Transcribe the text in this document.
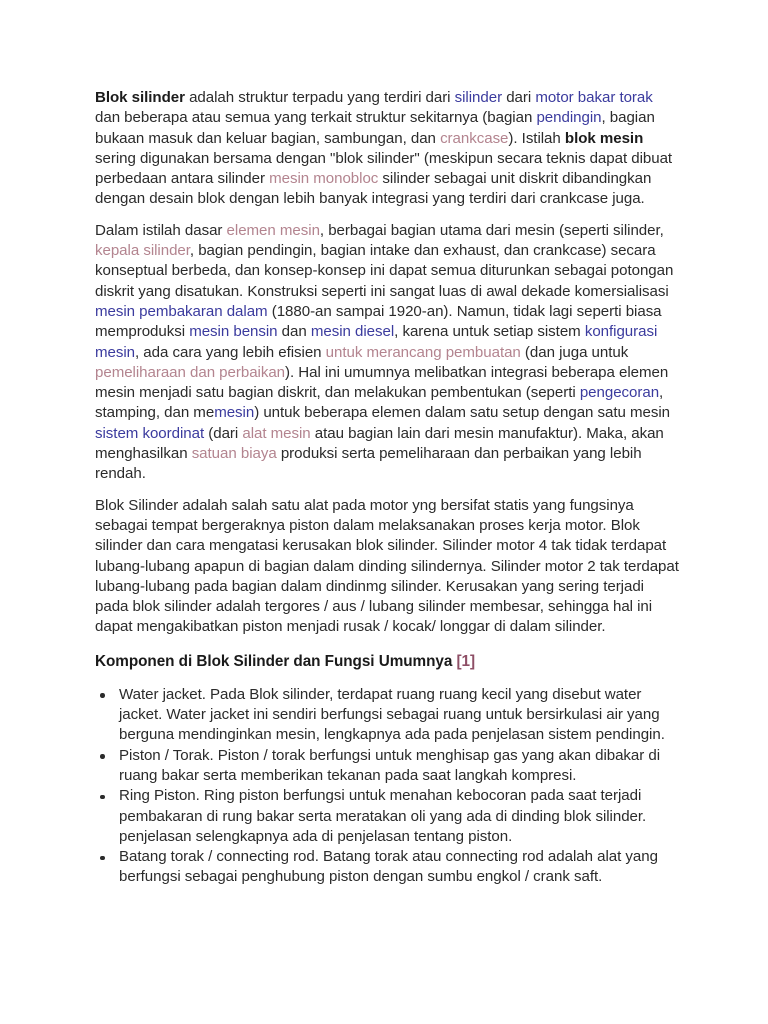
Blok silinder adalah struktur terpadu yang terdiri dari silinder dari motor bakar torak dan beberapa atau semua yang terkait struktur sekitarnya (bagian pendingin, bagian bukaan masuk dan keluar bagian, sambungan, dan crankcase). Istilah blok mesin sering digunakan bersama dengan "blok silinder" (meskipun secara teknis dapat dibuat perbedaan antara silinder mesin monobloc silinder sebagai unit diskrit dibandingkan dengan desain blok dengan lebih banyak integrasi yang terdiri dari crankcase juga.

Dalam istilah dasar elemen mesin, berbagai bagian utama dari mesin (seperti silinder, kepala silinder, bagian pendingin, bagian intake dan exhaust, dan crankcase) secara konseptual berbeda, dan konsep-konsep ini dapat semua diturunkan sebagai potongan diskrit yang disatukan. Konstruksi seperti ini sangat luas di awal dekade komersialisasi mesin pembakaran dalam (1880-an sampai 1920-an). Namun, tidak lagi seperti biasa memproduksi mesin bensin dan mesin diesel, karena untuk setiap sistem konfigurasi mesin, ada cara yang lebih efisien untuk merancang pembuatan (dan juga untuk pemeliharaan dan perbaikan). Hal ini umumnya melibatkan integrasi beberapa elemen mesin menjadi satu bagian diskrit, dan melakukan pembentukan (seperti pengecoran, stamping, dan memesin) untuk beberapa elemen dalam satu setup dengan satu mesin sistem koordinat (dari alat mesin atau bagian lain dari mesin manufaktur). Maka, akan menghasilkan satuan biaya produksi serta pemeliharaan dan perbaikan yang lebih rendah.

Blok Silinder adalah salah satu alat pada motor yng bersifat statis yang fungsinya sebagai tempat bergeraknya piston dalam melaksanakan proses kerja motor. Blok silinder dan cara mengatasi kerusakan blok silinder. Silinder motor 4 tak tidak terdapat lubang-lubang apapun di bagian dalam dinding silindernya. Silinder motor 2 tak terdapat lubang-lubang pada bagian dalam dindinmg silinder. Kerusakan yang sering terjadi pada blok silinder adalah tergores / aus / lubang silinder membesar, sehingga hal ini dapat mengakibatkan piston menjadi rusak / kocak/ longgar di dalam silinder.

Komponen di Blok Silinder dan Fungsi Umumnya [1]
Water jacket. Pada Blok silinder, terdapat ruang ruang kecil yang disebut water jacket. Water jacket ini sendiri berfungsi sebagai ruang untuk bersirkulasi air yang berguna mendinginkan mesin, lengkapnya ada pada penjelasan sistem pendingin.
Piston / Torak. Piston / torak berfungsi untuk menghisap gas yang akan dibakar di ruang bakar serta memberikan tekanan pada saat langkah kompresi.
Ring Piston. Ring piston berfungsi untuk menahan kebocoran pada saat terjadi pembakaran di rung bakar serta meratakan oli yang ada di dinding blok silinder. penjelasan selengkapnya ada di penjelasan tentang piston.
Batang torak / connecting rod. Batang torak atau connecting rod adalah alat yang berfungsi sebagai penghubung piston dengan sumbu engkol / crank saft.
